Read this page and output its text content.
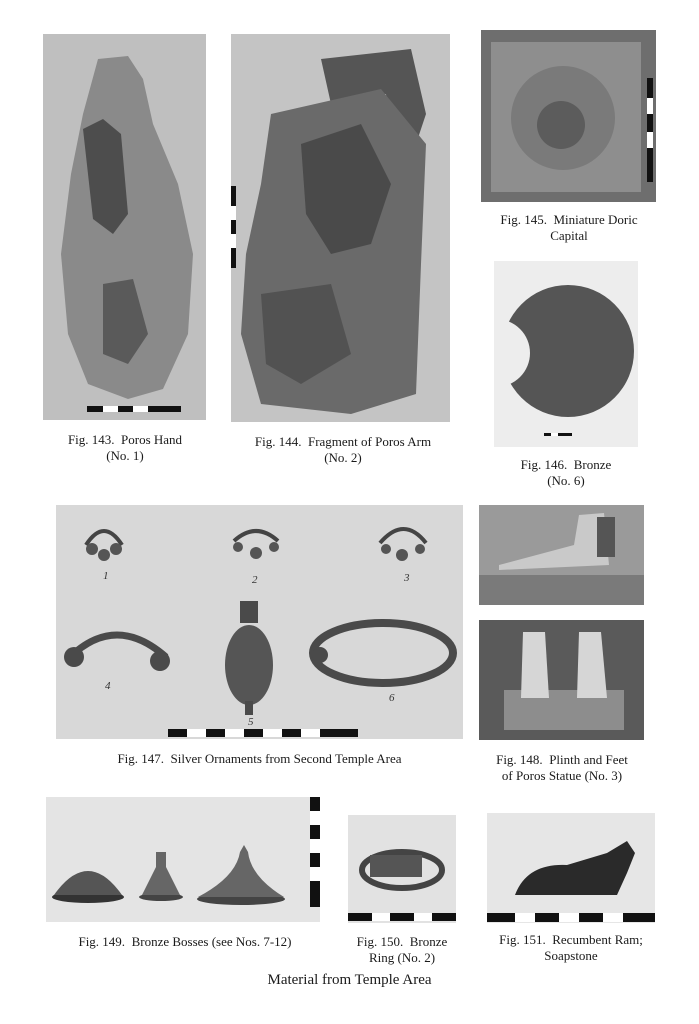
1	2	3
4
5
6
Fig. 143. Poros Hand
(No. 1)
Fig. 144. Fragment of Poros Arm
(No. 2)
Fig. 145. Miniature Doric
Capital
Fig. 146. Bronze
(No. 6)
Fig. 147. Silver Ornaments from Second Temple Area	Fig. 148. Plinth and Feet
of Poros Statue (No. 3)
Fig. 149. Bronze Bosses (see Nos. 7-12)	Fig. 150. Bronze
Ring (No. 2)
Fig. 151. Recumbent Ram;
Soapstone
Material from Temple Area
